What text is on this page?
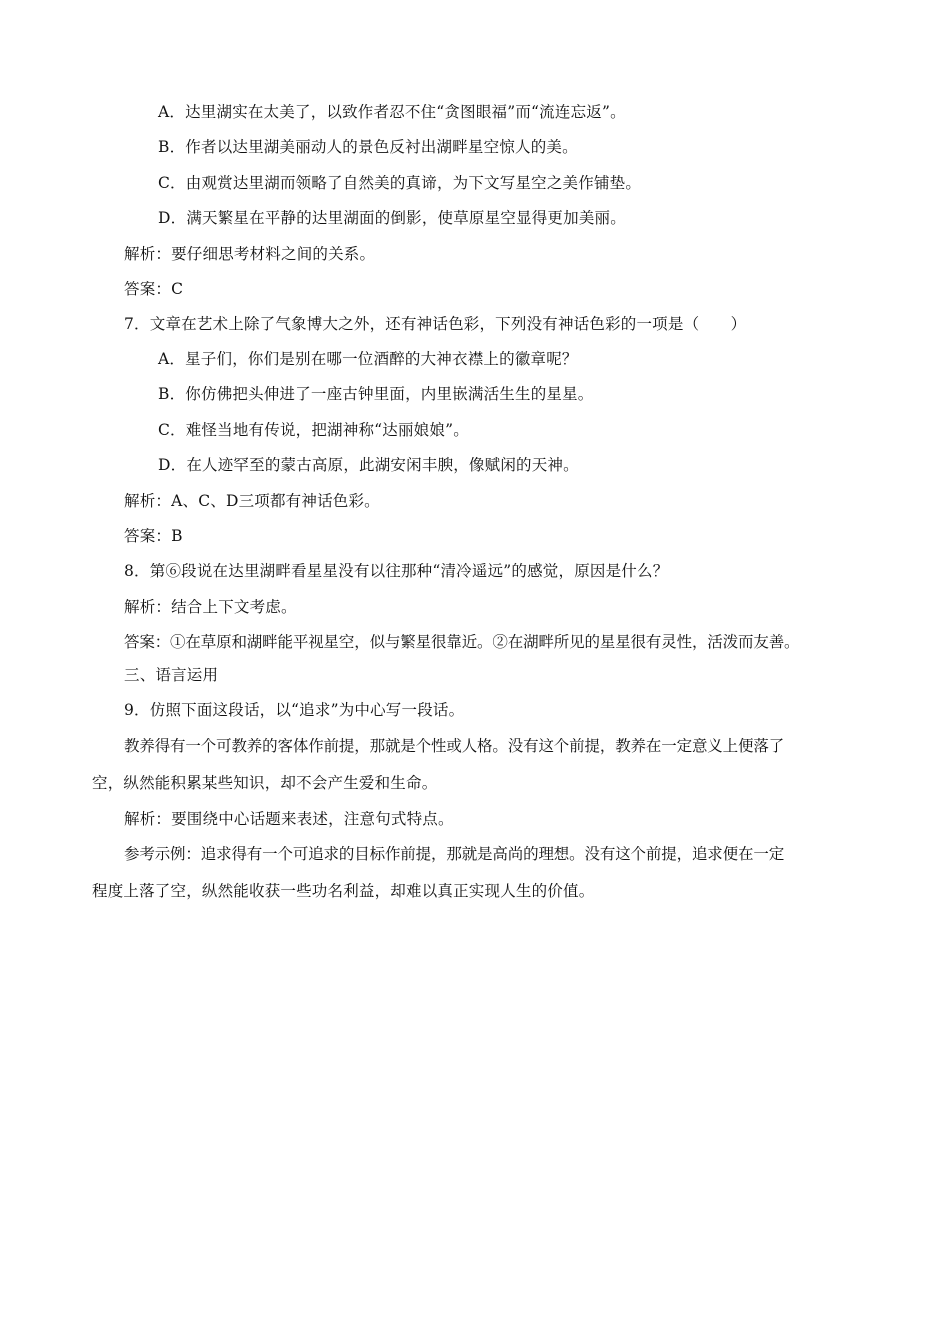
A．达里湖实在太美了，以致作者忍不住“贪图眼福”而“流连忘返”。
B．作者以达里湖美丽动人的景色反衬出湖畔星空惊人的美。
C．由观赏达里湖而领略了自然美的真谛，为下文写星空之美作铺垫。
D．满天繁星在平静的达里湖面的倒影，使草原星空显得更加美丽。
解析：要仔细思考材料之间的关系。
答案：C
7．文章在艺术上除了气象博大之外，还有神话色彩，下列没有神话色彩的一项是（　　）
A．星子们，你们是别在哪一位酒醉的大神衣襟上的徽章呢？
B．你仿佛把头伸进了一座古钟里面，内里嵌满活生生的星星。
C．难怪当地有传说，把湖神称“达丽娘娘”。
D．在人迹罕至的蒙古高原，此湖安闲丰腴，像赋闲的天神。
解析：A、C、D三项都有神话色彩。
答案：B
8．第⑥段说在达里湖畔看星星没有以往那种“清冷遥远”的感觉，原因是什么？
解析：结合上下文考虑。
答案：①在草原和湖畔能平视星空，似与繁星很靠近。②在湖畔所见的星星很有灵性，活泼而友善。
三、语言运用
9．仿照下面这段话，以“追求”为中心写一段话。
教养得有一个可教养的客体作前提，那就是个性或人格。没有这个前提，教养在一定意义上便落了
空，纵然能积累某些知识，却不会产生爱和生命。
解析：要围绕中心话题来表述，注意句式特点。
参考示例：追求得有一个可追求的目标作前提，那就是高尚的理想。没有这个前提，追求便在一定
程度上落了空，纵然能收获一些功名利益，却难以真正实现人生的价值。
